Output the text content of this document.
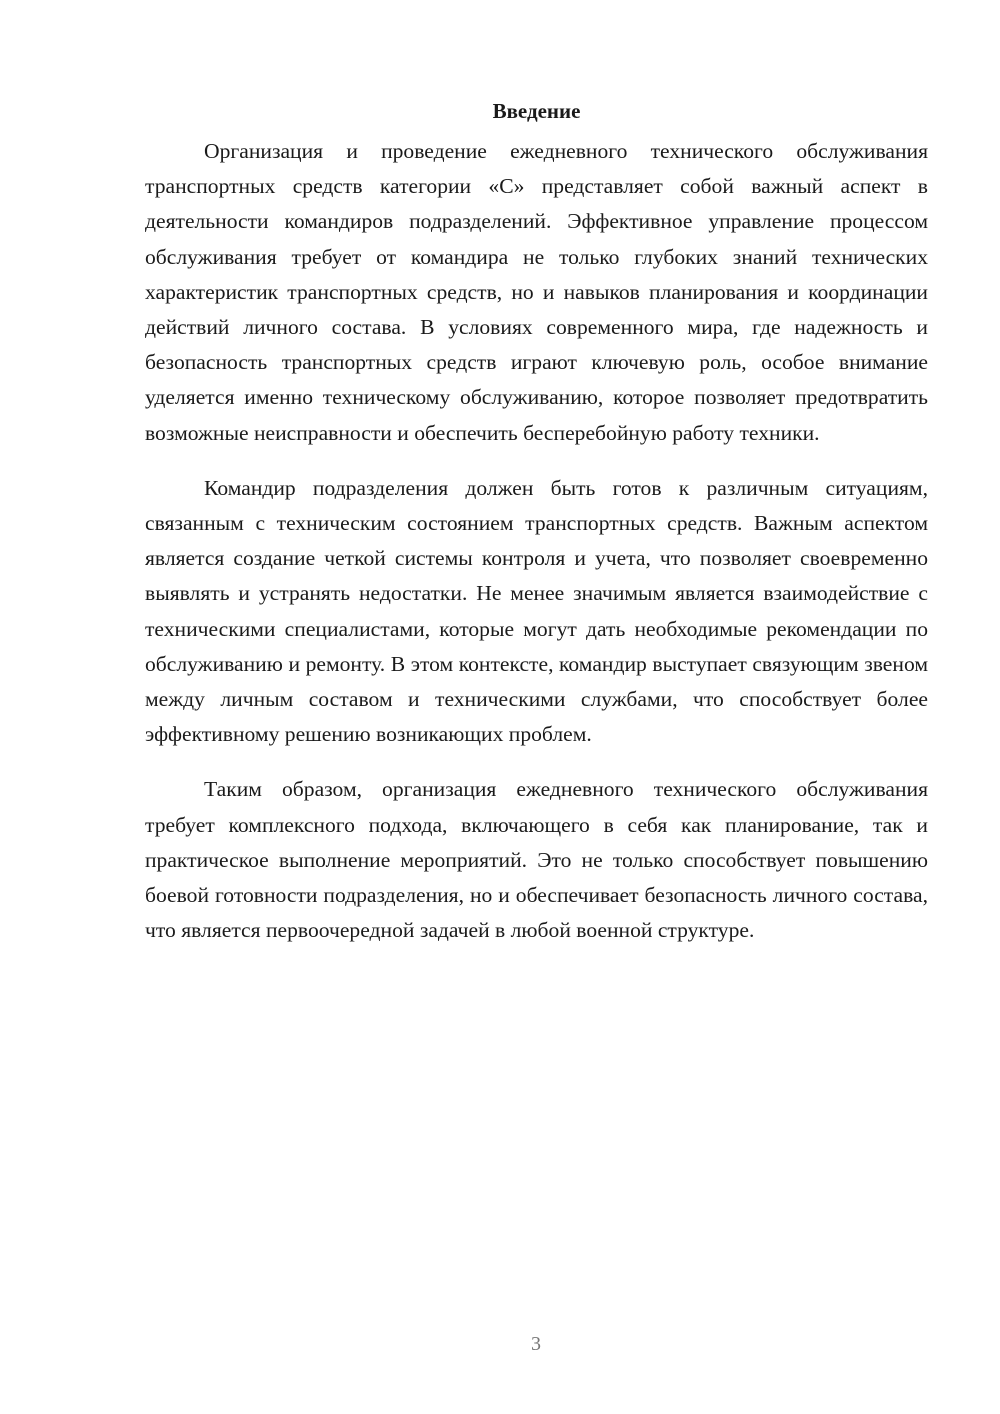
Введение

Организация и проведение ежедневного технического обслуживания транспортных средств категории «С» представляет собой важный аспект в деятельности командиров подразделений. Эффективное управление процессом обслуживания требует от командира не только глубоких знаний технических характеристик транспортных средств, но и навыков планирования и координации действий личного состава. В условиях современного мира, где надежность и безопасность транспортных средств играют ключевую роль, особое внимание уделяется именно техническому обслуживанию, которое позволяет предотвратить возможные неисправности и обеспечить бесперебойную работу техники.

Командир подразделения должен быть готов к различным ситуациям, связанным с техническим состоянием транспортных средств. Важным аспектом является создание четкой системы контроля и учета, что позволяет своевременно выявлять и устранять недостатки. Не менее значимым является взаимодействие с техническими специалистами, которые могут дать необходимые рекомендации по обслуживанию и ремонту. В этом контексте, командир выступает связующим звеном между личным составом и техническими службами, что способствует более эффективному решению возникающих проблем.

Таким образом, организация ежедневного технического обслуживания требует комплексного подхода, включающего в себя как планирование, так и практическое выполнение мероприятий. Это не только способствует повышению боевой готовности подразделения, но и обеспечивает безопасность личного состава, что является первоочередной задачей в любой военной структуре.

3
